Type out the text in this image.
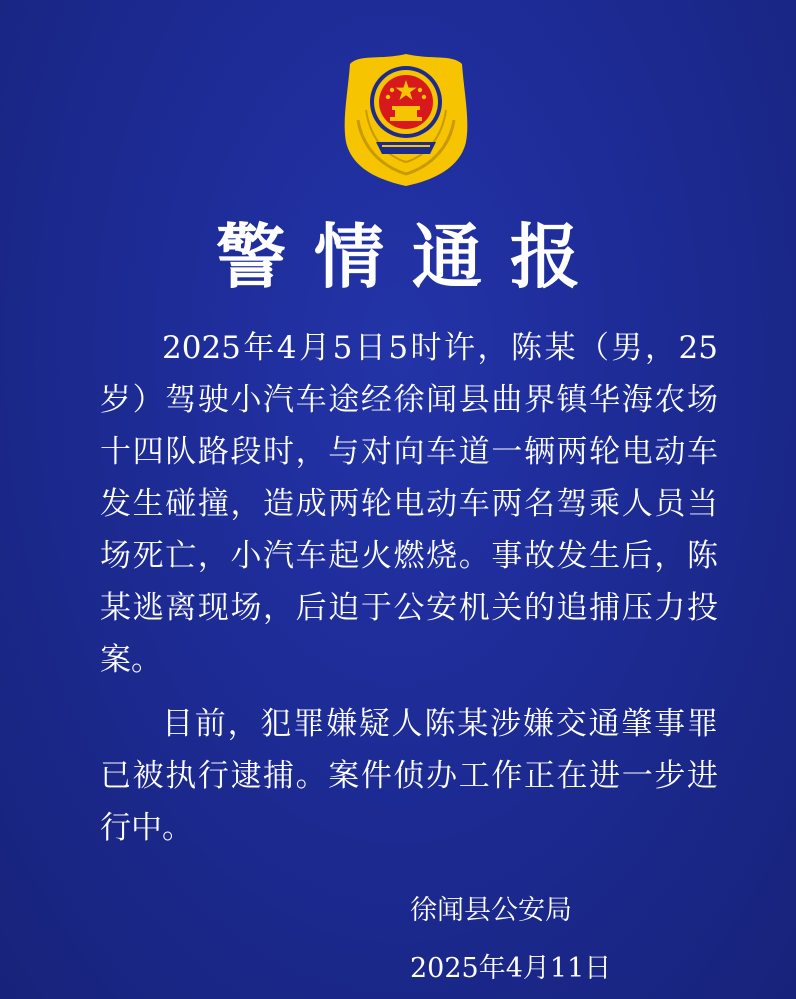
警情通报

2025年4月5日5时许，陈某（男，25岁）驾驶小汽车途经徐闻县曲界镇华海农场十四队路段时，与对向车道一辆两轮电动车发生碰撞，造成两轮电动车两名驾乘人员当场死亡，小汽车起火燃烧。事故发生后，陈某逃离现场，后迫于公安机关的追捕压力投案。

目前，犯罪嫌疑人陈某涉嫌交通肇事罪已被执行逮捕。案件侦办工作正在进一步进行中。

徐闻县公安局
2025年4月11日
